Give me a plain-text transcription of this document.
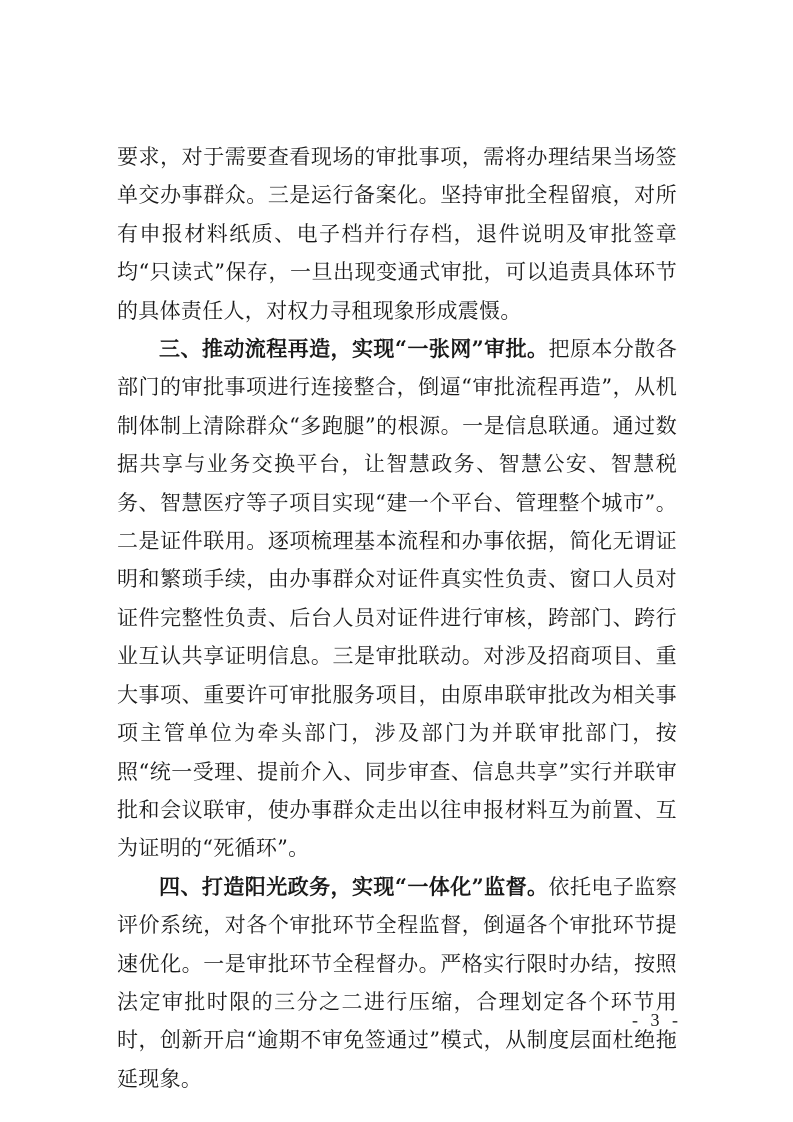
要求，对于需要查看现场的审批事项，需将办理结果当场签单交办事群众。三是运行备案化。坚持审批全程留痕，对所有申报材料纸质、电子档并行存档，退件说明及审批签章均“只读式”保存，一旦出现变通式审批，可以追责具体环节的具体责任人，对权力寻租现象形成震慑。

三、推动流程再造，实现“一张网”审批。把原本分散各部门的审批事项进行连接整合，倒逼“审批流程再造”，从机制体制上清除群众“多跑腿”的根源。一是信息联通。通过数据共享与业务交换平台，让智慧政务、智慧公安、智慧税务、智慧医疗等子项目实现“建一个平台、管理整个城市”。二是证件联用。逐项梳理基本流程和办事依据，简化无谓证明和繁琐手续，由办事群众对证件真实性负责、窗口人员对证件完整性负责、后台人员对证件进行审核，跨部门、跨行业互认共享证明信息。三是审批联动。对涉及招商项目、重大事项、重要许可审批服务项目，由原串联审批改为相关事项主管单位为牵头部门，涉及部门为并联审批部门，按照“统一受理、提前介入、同步审查、信息共享”实行并联审批和会议联审，使办事群众走出以往申报材料互为前置、互为证明的“死循环”。

四、打造阳光政务，实现“一体化”监督。依托电子监察评价系统，对各个审批环节全程监督，倒逼各个审批环节提速优化。一是审批环节全程督办。严格实行限时办结，按照法定审批时限的三分之二进行压缩，合理划定各个环节用时，创新开启“逾期不审免签通过”模式，从制度层面杜绝拖延现象。

- 3 -
